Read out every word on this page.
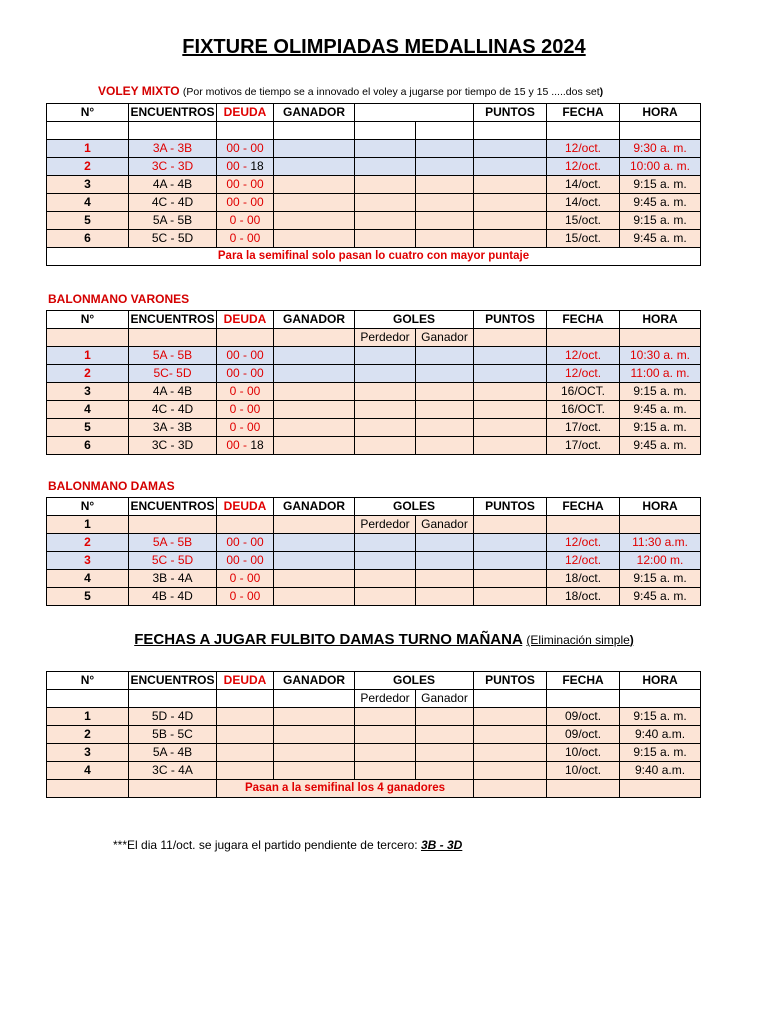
FIXTURE OLIMPIADAS MEDALLINAS 2024
VOLEY MIXTO (Por motivos de tiempo se a innovado el voley a jugarse por tiempo de 15 y 15 .....dos set)
N°	ENCUENTROS	DEUDA	GANADOR			PUNTOS	FECHA	HORA

1	3A - 3B	00 - 00					12/oct.	9:30 a. m.
2	3C - 3D	00 - 18					12/oct.	10:00 a. m.
3	4A - 4B	00 - 00					14/oct.	9:15 a. m.
4	4C - 4D	00 - 00					14/oct.	9:45 a. m.
5	5A - 5B	0 - 00					15/oct.	9:15 a. m.
6	5C - 5D	0 - 00					15/oct.	9:45 a. m.
Para la semifinal solo pasan lo cuatro con mayor puntaje								
BALONMANO VARONES
N°	ENCUENTROS	DEUDA	GANADOR	GOLES		PUNTOS	FECHA	HORA
				Perdedor	Ganador			
1	5A - 5B	00 - 00					12/oct.	10:30 a. m.
2	5C- 5D	00 - 00					12/oct.	11:00 a. m.
3	4A - 4B	0 - 00					16/OCT.	9:15 a. m.
4	4C - 4D	0 - 00					16/OCT.	9:45 a. m.
5	3A - 3B	0 - 00					17/oct.	9:15 a. m.
6	3C - 3D	00 - 18					17/oct.	9:45 a. m.
BALONMANO DAMAS
N°	ENCUENTROS	DEUDA	GANADOR	GOLES		PUNTOS	FECHA	HORA
1				Perdedor	Ganador			
2	5A - 5B	00 - 00					12/oct.	11:30 a.m.
3	5C - 5D	00 - 00					12/oct.	12:00 m.
4	3B - 4A	0 - 00					18/oct.	9:15 a. m.
5	4B - 4D	0 - 00					18/oct.	9:45 a. m.
FECHAS A JUGAR FULBITO DAMAS TURNO MAÑANA (Eliminación simple)
N°	ENCUENTROS	DEUDA	GANADOR	GOLES		PUNTOS	FECHA	HORA
				Perdedor	Ganador			
1	5D - 4D						09/oct.	9:15 a. m.
2	5B - 5C						09/oct.	9:40 a.m.
3	5A - 4B						10/oct.	9:15 a. m.
4	3C - 4A						10/oct.	9:40 a.m.
		Pasan a la semifinal los 4 ganadores						
***El dia 11/oct. se jugara el partido pendiente de tercero: 3B - 3D
